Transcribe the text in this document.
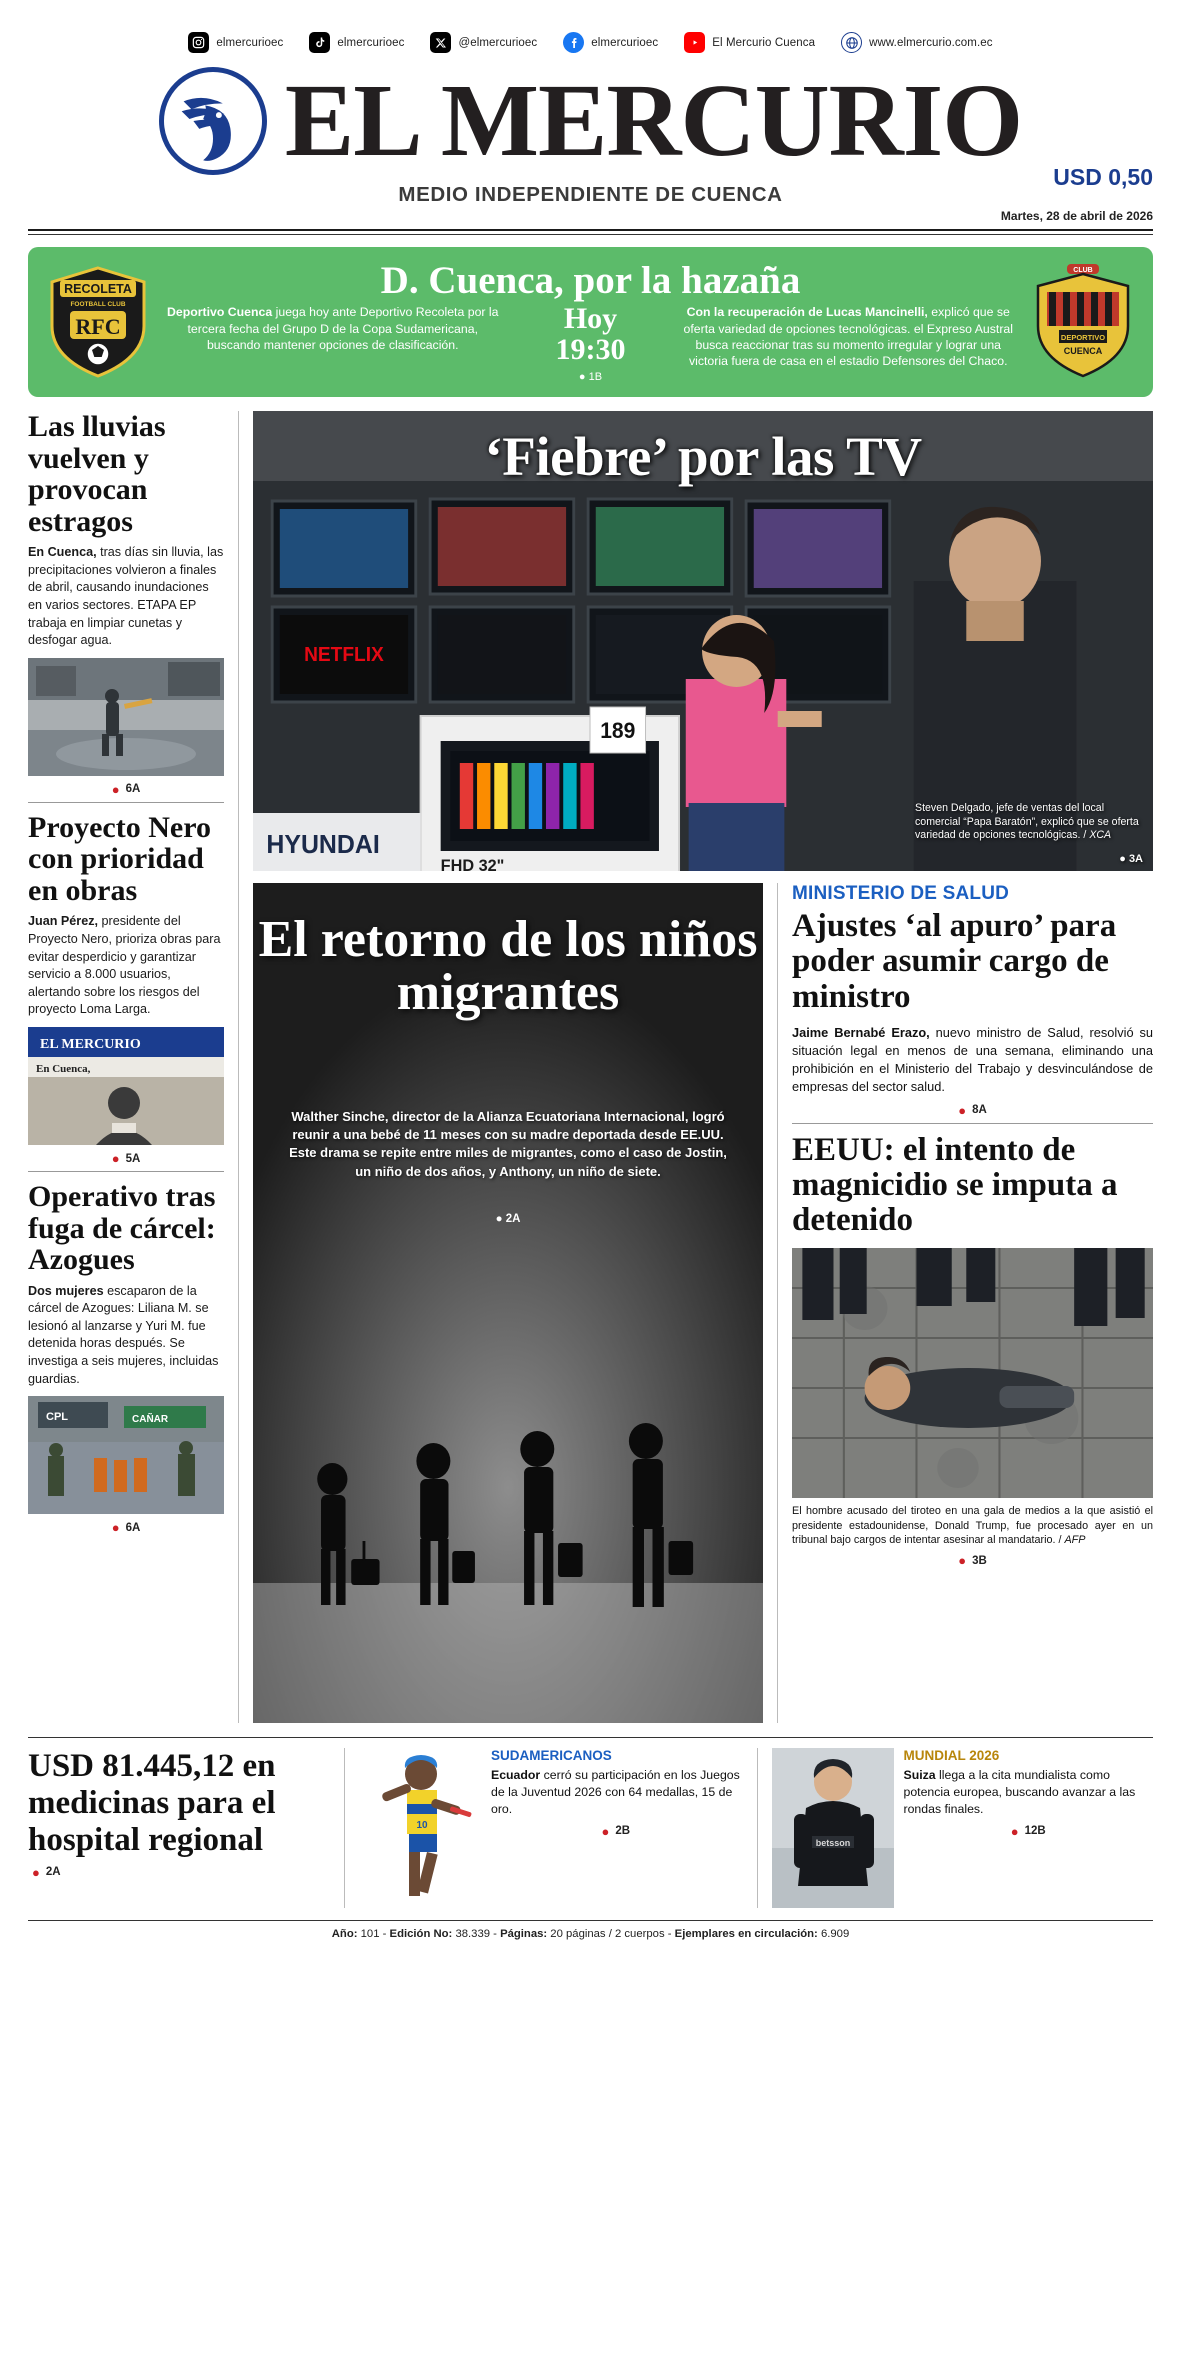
elmercurioec	elmercurioec	@elmercurioec	elmercurioec	El Mercurio Cuenca	www.elmercurio.com.ec
EL MERCURIO
MEDIO INDEPENDIENTE DE CUENCA
USD 0,50
Martes, 28 de abril de 2026
RECOLETA
FOOTBALL CLUB
RFC
D. Cuenca, por la hazaña
Deportivo Cuenca juega hoy ante Deportivo Recoleta por la tercera fecha del Grupo D de la Copa Sudamericana, buscando mantener opciones de clasificación.
Hoy
19:30
● 1B
Con la recuperación de Lucas Mancinelli, explicó que se oferta variedad de opciones tecnológicas. el Expreso Austral busca reaccionar tras su momento irregular y lograr una victoria fuera de casa en el estadio Defensores del Chaco.
CLUB
DEPORTIVO
CUENCA
Las lluvias vuelven y provocan estragos
En Cuenca, tras días sin lluvia, las precipitaciones volvieron a finales de abril, causando inundaciones en varios sectores. ETAPA EP trabaja en limpiar cunetas y desfogar agua.
● 6A
Proyecto Nero con prioridad en obras
Juan Pérez, presidente del Proyecto Nero, prioriza obras para evitar desperdicio y garantizar servicio a 8.000 usuarios, alertando sobre los riesgos del proyecto Loma Larga.
EL MERCURIO
En Cuenca,
● 5A
Operativo tras fuga de cárcel: Azogues
Dos mujeres escaparon de la cárcel de Azogues: Liliana M. se lesionó al lanzarse y Yuri M. fue detenida horas después. Se investiga a seis mujeres, incluidas guardias.
CPL	CAÑAR
● 6A
NETFLIX
FHD 32"
189
HYUNDAI
‘Fiebre’ por las TV
Steven Delgado, jefe de ventas del local comercial “Papa Baratón”, explicó que se oferta variedad de opciones tecnológicas. / XCA
● 3A
El retorno de los niños migrantes
Walther Sinche, director de la Alianza Ecuatoriana Internacional, logró reunir a una bebé de 11 meses con su madre deportada desde EE.UU. Este drama se repite entre miles de migrantes, como el caso de Jostin, un niño de dos años, y Anthony, un niño de siete.
● 2A
MINISTERIO DE SALUD
Ajustes ‘al apuro’ para poder asumir cargo de ministro
Jaime Bernabé Erazo, nuevo ministro de Salud, resolvió su situación legal en menos de una semana, eliminando una prohibición en el Ministerio del Trabajo y desvinculándose de empresas del sector salud.
● 8A
EEUU: el intento de magnicidio se imputa a detenido
El hombre acusado del tiroteo en una gala de medios a la que asistió el presidente estadounidense, Donald Trump, fue procesado ayer en un tribunal bajo cargos de intentar asesinar al mandatario. / AFP
● 3B
USD 81.445,12 en medicinas para el hospital regional
● 2A
10
SUDAMERICANOS
Ecuador cerró su participación en los Juegos de la Juventud 2026 con 64 medallas, 15 de oro.
● 2B
betsson
MUNDIAL 2026
Suiza llega a la cita mundialista como potencia europea, buscando avanzar a las rondas finales.
● 12B
Año: 101 - Edición No: 38.339 - Páginas: 20 páginas / 2 cuerpos - Ejemplares en circulación: 6.909
